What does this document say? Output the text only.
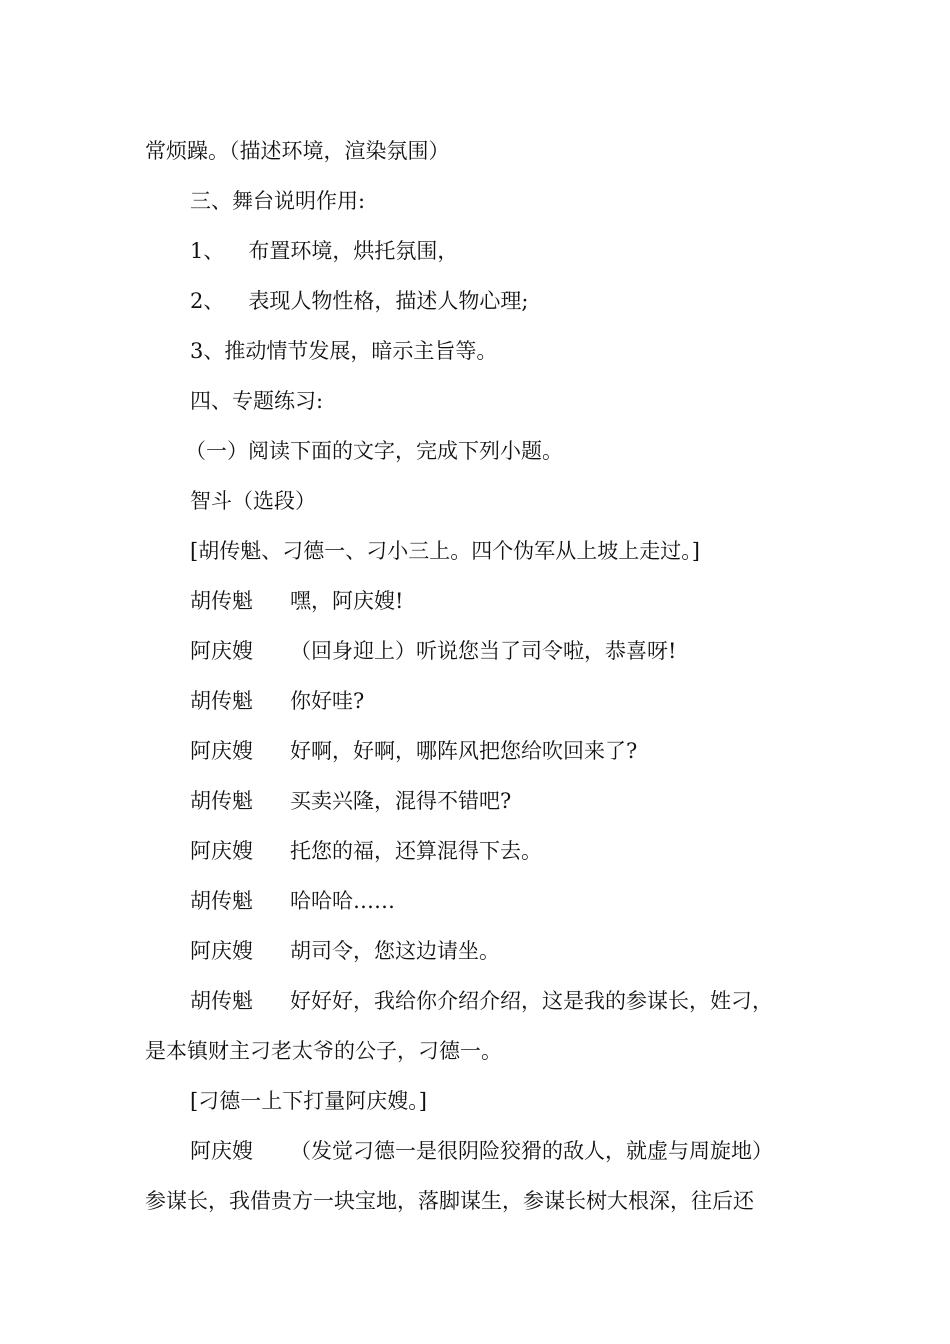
常烦躁。（描述环境，渲染氛围）
三、舞台说明作用:
1、 布置环境，烘托氛围，
2、 表现人物性格，描述人物心理;
3、推动情节发展，暗示主旨等。
四、专题练习:
（一）阅读下面的文字，完成下列小题。
智斗（选段）
[胡传魁、刁德一、刁小三上。四个伪军从上坡上走过。]
胡传魁 嘿，阿庆嫂!
阿庆嫂 （回身迎上）听说您当了司令啦，恭喜呀!
胡传魁 你好哇?
阿庆嫂 好啊，好啊，哪阵风把您给吹回来了?
胡传魁 买卖兴隆，混得不错吧?
阿庆嫂 托您的福，还算混得下去。
胡传魁 哈哈哈……
阿庆嫂 胡司令，您这边请坐。
胡传魁 好好好，我给你介绍介绍，这是我的参谋长，姓刁，
是本镇财主刁老太爷的公子，刁德一。
[刁德一上下打量阿庆嫂。]
阿庆嫂 （发觉刁德一是很阴险狡猾的敌人，就虚与周旋地）
参谋长，我借贵方一块宝地，落脚谋生，参谋长树大根深，往后还
